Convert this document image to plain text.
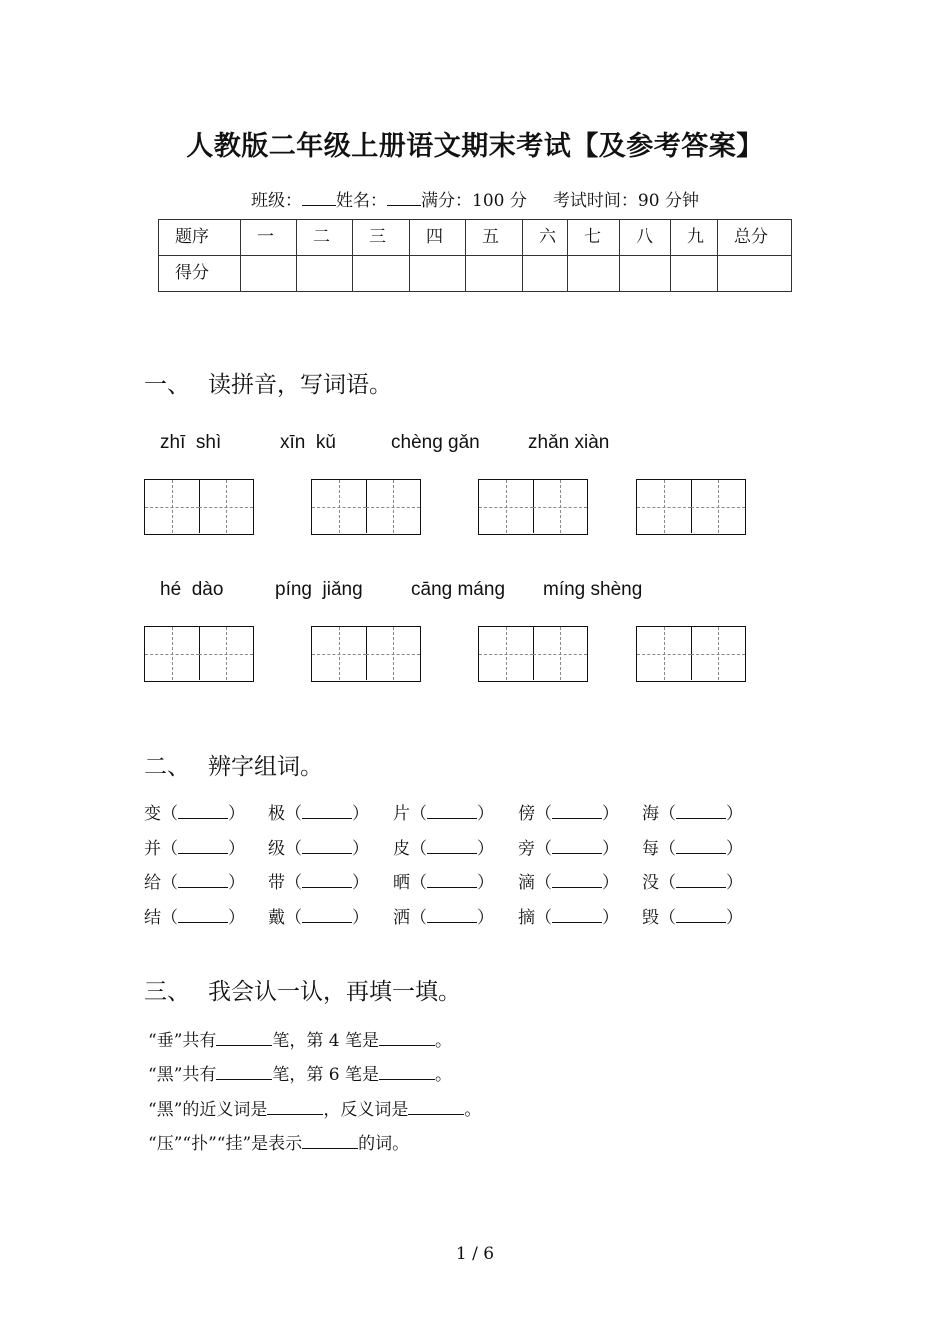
人教版二年级上册语文期末考试【及参考答案】
班级： 姓名： 满分：100 分 考试时间：90 分钟
题序	一	二	三	四	五	六	七	八	九	总分
得分										
一、 读拼音，写词语。
zhī  shì	xīn  kǔ	chèng gǎn	zhǎn xiàn
hé  dào	píng  jiǎng	cāng máng míng shèng
二、 辨字组词。
变（	） 极（	） 片（	） 傍（	） 海（	）
并（	） 级（	） 皮（	） 旁（	） 每（	）
给（	） 带（	） 晒（	） 滴（	） 没（	）
结（	） 戴（	） 洒（	） 摘（	） 毁（	）
三、 我会认一认，再填一填。
“垂”共有	笔，第 4 笔是	。
“黑”共有	笔，第 6 笔是	。
“黑”的近义词是	，反义词是	。
“压”“扑”“挂”是表示	的词。
1 / 6
